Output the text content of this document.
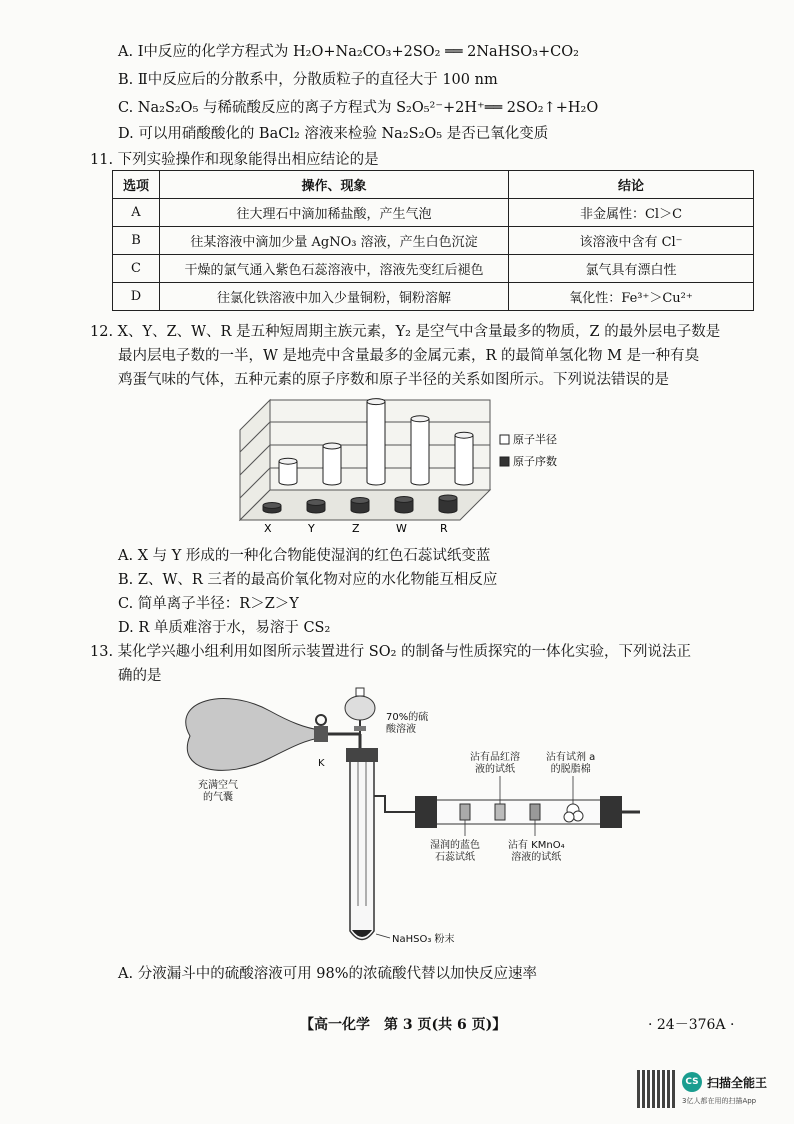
A. Ⅰ中反应的化学方程式为 H₂O+Na₂CO₃+2SO₂ ══ 2NaHSO₃+CO₂
B. Ⅱ中反应后的分散系中，分散质粒子的直径大于 100 nm
C. Na₂S₂O₅ 与稀硫酸反应的离子方程式为 S₂O₅²⁻+2H⁺══ 2SO₂↑+H₂O
D. 可以用硝酸酸化的 BaCl₂ 溶液来检验 Na₂S₂O₅ 是否已氧化变质
11. 下列实验操作和现象能得出相应结论的是
选项	操作、现象	结论
A	往大理石中滴加稀盐酸，产生气泡	非金属性：Cl＞C
B	往某溶液中滴加少量 AgNO₃ 溶液，产生白色沉淀	该溶液中含有 Cl⁻
C	干燥的氯气通入紫色石蕊溶液中，溶液先变红后褪色	氯气具有漂白性
D	往氯化铁溶液中加入少量铜粉，铜粉溶解	氧化性：Fe³⁺＞Cu²⁺
12. X、Y、Z、W、R 是五种短周期主族元素，Y₂ 是空气中含量最多的物质，Z 的最外层电子数是
最内层电子数的一半，W 是地壳中含量最多的金属元素，R 的最简单氢化物 M 是一种有臭
鸡蛋气味的气体，五种元素的原子序数和原子半径的关系如图所示。下列说法错误的是
X	Y	Z	W	R
原子半径
原子序数
A. X 与 Y 形成的一种化合物能使湿润的红色石蕊试纸变蓝
B. Z、W、R 三者的最高价氧化物对应的水化物能互相反应
C. 简单离子半径：R＞Z＞Y
D. R 单质难溶于水，易溶于 CS₂
13. 某化学兴趣小组利用如图所示装置进行 SO₂ 的制备与性质探究的一体化实验，下列说法正
确的是
70%的硫
酸溶液
充满空气
的气囊
K
沾有品红溶
液的试纸
沾有试剂 a
的脱脂棉
湿润的蓝色
石蕊试纸
沾有 KMnO₄
溶液的试纸
NaHSO₃ 粉末
A. 分液漏斗中的硫酸溶液可用 98%的浓硫酸代替以加快反应速率
【高一化学　第 3 页(共 6 页)】	· 24－376A ·
CS 扫描全能王
3亿人都在用的扫描App
